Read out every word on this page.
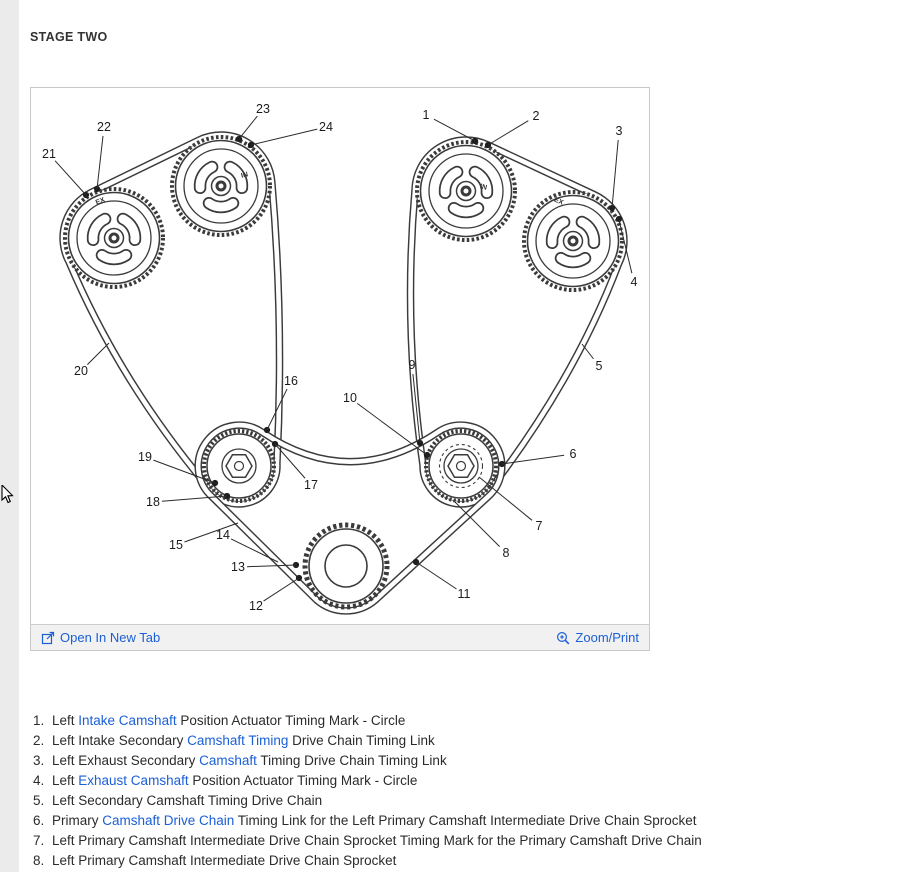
STAGE TWO
EX
IN
IN
EX
1	2
3
4
5
6
7
8
9
10
11
12
13
14
15
16
17
18
19
20
21
22
23
24
Open In New Tab	Zoom/Print
1. Left Intake Camshaft Position Actuator Timing Mark - Circle
2. Left Intake Secondary Camshaft Timing Drive Chain Timing Link
3. Left Exhaust Secondary Camshaft Timing Drive Chain Timing Link
4. Left Exhaust Camshaft Position Actuator Timing Mark - Circle
5. Left Secondary Camshaft Timing Drive Chain
6. Primary Camshaft Drive Chain Timing Link for the Left Primary Camshaft Intermediate Drive Chain Sprocket
7. Left Primary Camshaft Intermediate Drive Chain Sprocket Timing Mark for the Primary Camshaft Drive Chain
8. Left Primary Camshaft Intermediate Drive Chain Sprocket
